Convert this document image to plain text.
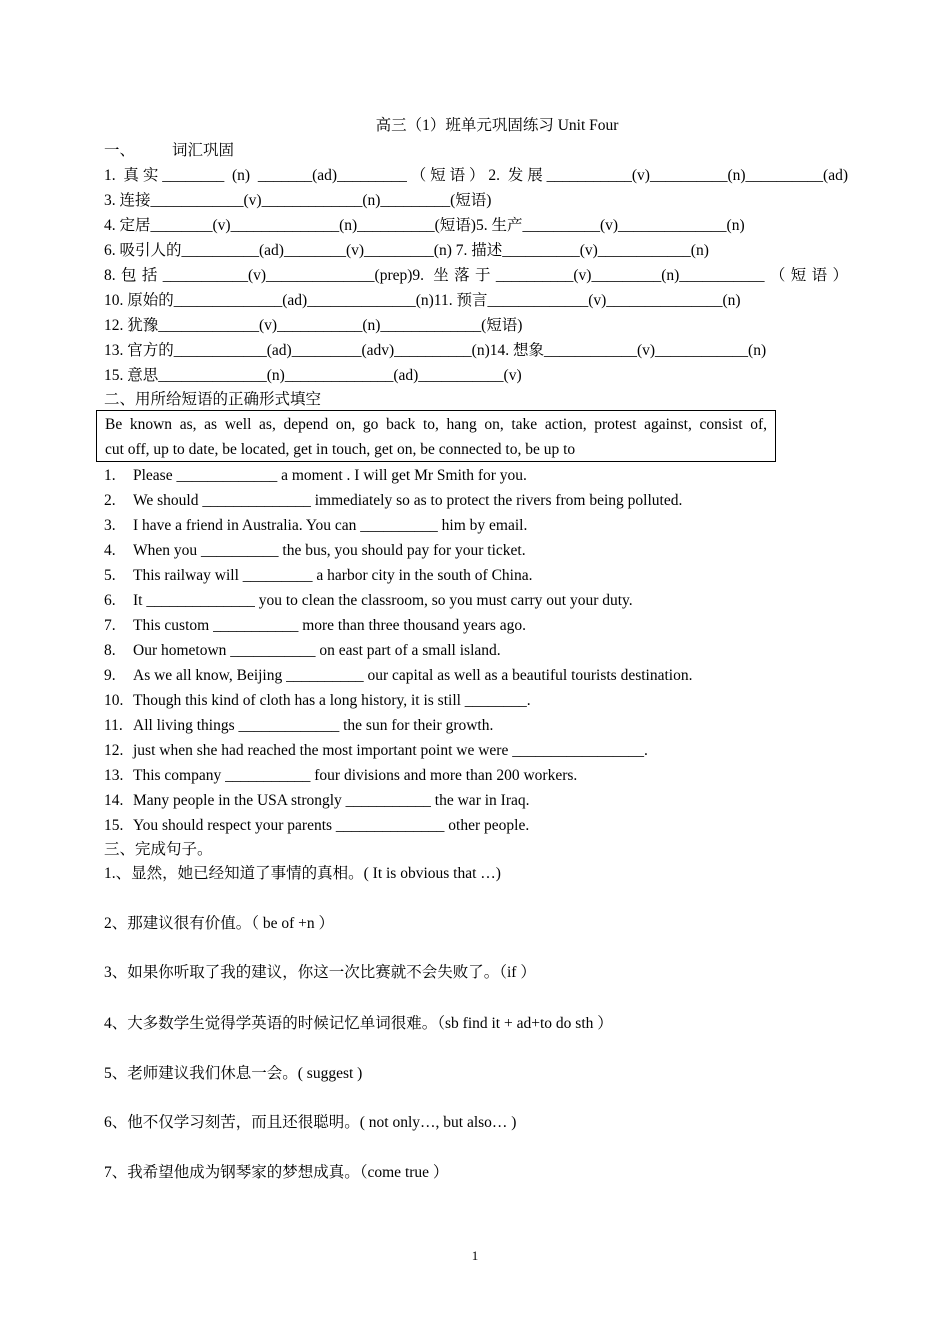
高三（1）班单元巩固练习 Unit Four
一、 词汇巩固
1. 真实________ (n) _______(ad)_________（短语）2. 发展___________(v)__________(n)__________(ad)
3. 连接____________(v)_____________(n)_________(短语)
4. 定居________(v)______________(n)__________(短语)5. 生产__________(v)______________(n)
6. 吸引人的__________(ad)________(v)_________(n) 7. 描述__________(v)____________(n)
8.包括___________(v)______________(prep)9. 坐落于__________(v)_________(n)___________（短语）
10. 原始的______________(ad)______________(n)11. 预言_____________(v)_______________(n)
12. 犹豫_____________(v)___________(n)_____________(短语)
13. 官方的____________(ad)_________(adv)__________(n)14. 想象____________(v)____________(n)
15. 意思______________(n)______________(ad)___________(v)
二、用所给短语的正确形式填空

Be known as, as well as, depend on, go back to, hang on, take action, protest against, consist of,

cut off, up to date, be located, get in touch, get on, be connected to, be up to

1. Please _____________ a moment . I will get Mr Smith for you.
2. We should ______________ immediately so as to protect the rivers from being polluted.
3. I have a friend in Australia. You can __________ him by email.
4. When you __________ the bus, you should pay for your ticket.
5. This railway will _________ a harbor city in the south of China.
6. It ______________ you to clean the classroom, so you must carry out your duty.
7. This custom ___________ more than three thousand years ago.
8. Our hometown ___________ on east part of a small island.
9. As we all know, Beijing __________ our capital as well as a beautiful tourists destination.
10. Though this kind of cloth has a long history, it is still ________.
11. All living things _____________ the sun for their growth.
12. just when she had reached the most important point we were _________________.
13. This company ___________ four divisions and more than 200 workers.
14. Many people in the USA strongly ___________ the war in Iraq.
15. You should respect your parents ______________ other people.
三、完成句子。
1.、显然，她已经知道了事情的真相。( It is obvious that …)
2、那建议很有价值。（ be of +n ）
3、如果你听取了我的建议，你这一次比赛就不会失败了。（if ）
4、大多数学生觉得学英语的时候记忆单词很难。（sb find it + ad+to do sth ）
5、老师建议我们休息一会。( suggest )
6、他不仅学习刻苦，而且还很聪明。( not only…, but also… )
7、我希望他成为钢琴家的梦想成真。（come true ）
1
